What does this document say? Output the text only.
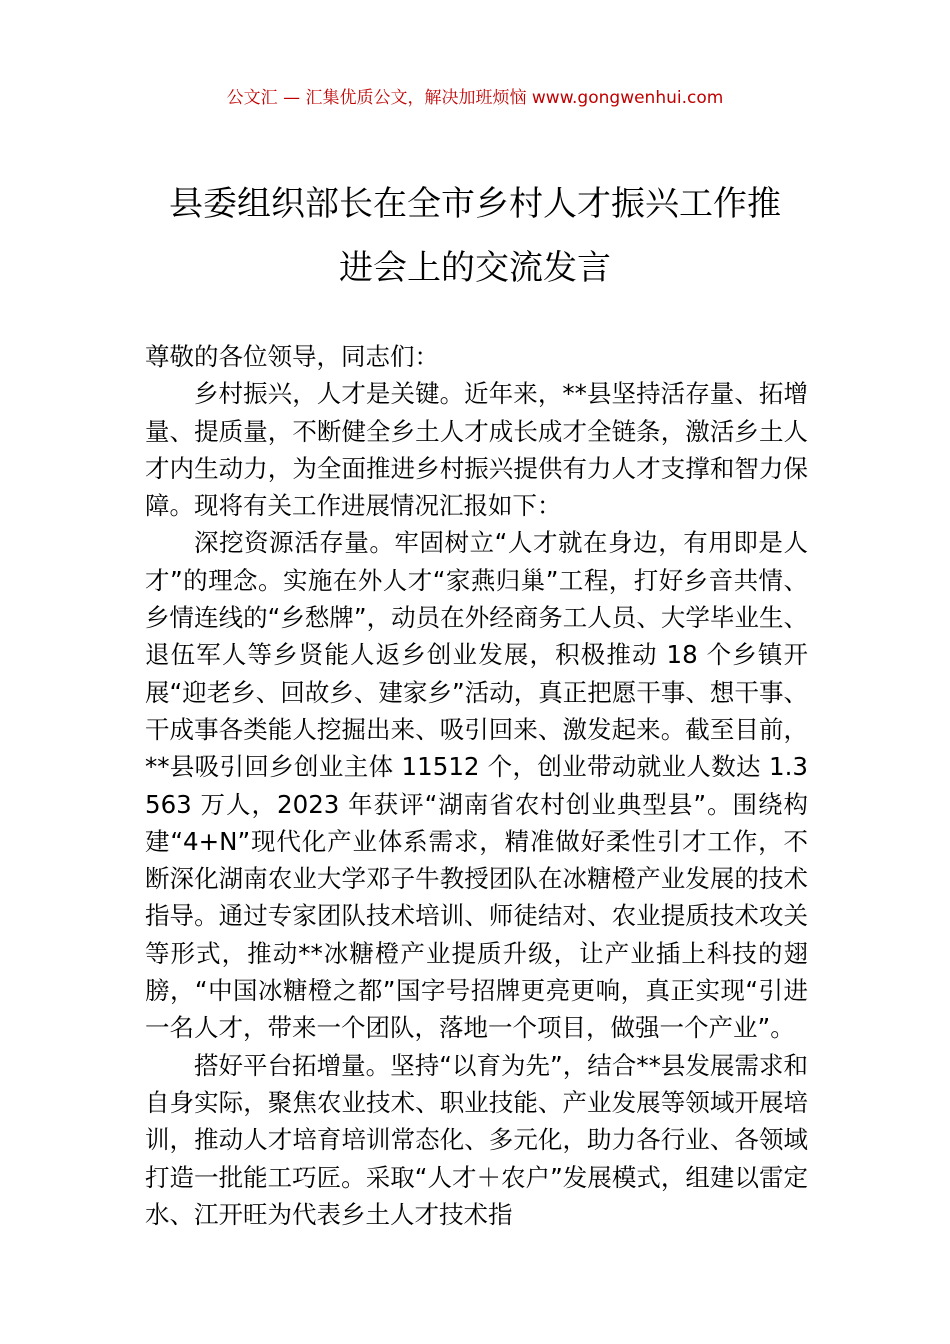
公文汇 — 汇集优质公文，解决加班烦恼 www.gongwenhui.com
县委组织部长在全市乡村人才振兴工作推
进会上的交流发言

尊敬的各位领导，同志们：

乡村振兴，人才是关键。近年来，**县坚持活存量、拓增量、提质量，不断健全乡土人才成长成才全链条，激活乡土人才内生动力，为全面推进乡村振兴提供有力人才支撑和智力保障。现将有关工作进展情况汇报如下：

深挖资源活存量。牢固树立“人才就在身边，有用即是人才”的理念。实施在外人才“家燕归巢”工程，打好乡音共情、乡情连线的“乡愁牌”，动员在外经商务工人员、大学毕业生、退伍军人等乡贤能人返乡创业发展，积极推动 18 个乡镇开展“迎老乡、回故乡、建家乡”活动，真正把愿干事、想干事、干成事各类能人挖掘出来、吸引回来、激发起来。截至目前，**县吸引回乡创业主体 11512 个，创业带动就业人数达 1.3563 万人，2023 年获评“湖南省农村创业典型县”。围绕构建“4+N”现代化产业体系需求，精准做好柔性引才工作，不断深化湖南农业大学邓子牛教授团队在冰糖橙产业发展的技术指导。通过专家团队技术培训、师徒结对、农业提质技术攻关等形式，推动**冰糖橙产业提质升级，让产业插上科技的翅膀，“中国冰糖橙之都”国字号招牌更亮更响，真正实现“引进一名人才，带来一个团队，落地一个项目，做强一个产业”。

搭好平台拓增量。坚持“以育为先”，结合**县发展需求和自身实际，聚焦农业技术、职业技能、产业发展等领域开展培训，推动人才培育培训常态化、多元化，助力各行业、各领域打造一批能工巧匠。采取“人才＋农户”发展模式，组建以雷定水、江开旺为代表乡土人才技术指
